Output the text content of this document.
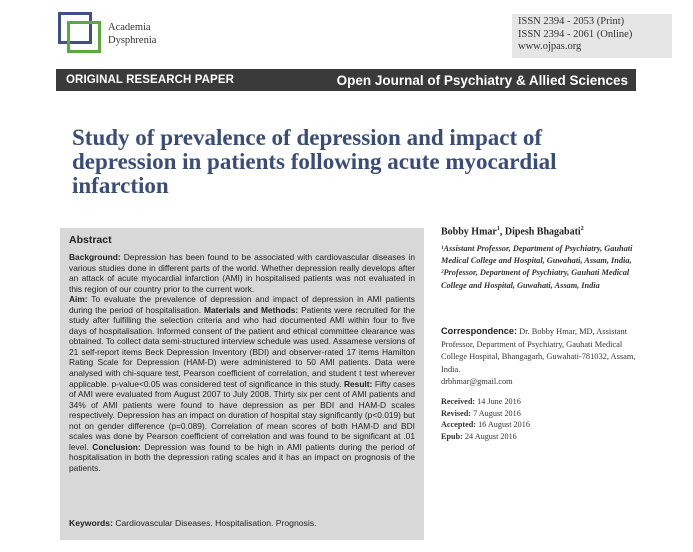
Academia
Dysphrenia
ISSN 2394 - 2053 (Print)
ISSN 2394 - 2061 (Online)
www.ojpas.org
ORIGINAL RESEARCH PAPER	Open Journal of Psychiatry & Allied Sciences
Study of prevalence of depression and impact of depression in patients following acute myocardial infarction
Abstract
Background: Depression has been found to be associated with cardiovascular diseases in various studies done in different parts of the world. Whether depression really develops after an attack of acute myocardial infarction (AMI) in hospitalised patients was not evaluated in this region of our country prior to the current work.
Aim: To evaluate the prevalence of depression and impact of depression in AMI patients during the period of hospitalisation. Materials and Methods: Patients were recruited for the study after fulfilling the selection criteria and who had documented AMI within four to five days of hospitalisation. Informed consent of the patient and ethical committee clearance was obtained. To collect data semi-structured interview schedule was used. Assamese versions of 21 self-report items Beck Depression Inventory (BDI) and observer-rated 17 items Hamilton Rating Scale for Depression (HAM-D) were administered to 50 AMI patients. Data were analysed with chi-square test, Pearson coefficient of correlation, and student t test wherever applicable. p-value<0.05 was considered test of significance in this study. Result: Fifty cases of AMI were evaluated from August 2007 to July 2008. Thirty six per cent of AMI patients and 34% of AMI patients were found to have depression as per BDI and HAM-D scales respectively. Depression has an impact on duration of hospital stay significantly (p<0.019) but not on gender difference (p=0.089). Correlation of mean scores of both HAM-D and BDI scales was done by Pearson coefficient of correlation and was found to be significant at .01 level. Conclusion: Depression was found to be high in AMI patients during the period of hospitalisation in both the depression rating scales and it has an impact on prognosis of the patients.
Keywords: Cardiovascular Diseases. Hospitalisation. Prognosis.
Bobby Hmar$^1$, Dipesh Bhagabati$^2$
¹Assistant Professor, Department of Psychiatry, Gauhati Medical College and Hospital, Guwahati, Assam, India, ²Professor, Department of Psychiatry, Gauhati Medical College and Hospital, Guwahati, Assam, India
Correspondence: Dr. Bobby Hmar, MD, Assistant Professor, Department of Psychiatry, Gauhati Medical College Hospital, Bhangagarh, Guwahati-781032, Assam, India.
drbhmar@gmail.com
Received: 14 June 2016
Revised: 7 August 2016
Accepted: 16 August 2016
Epub: 24 August 2016
